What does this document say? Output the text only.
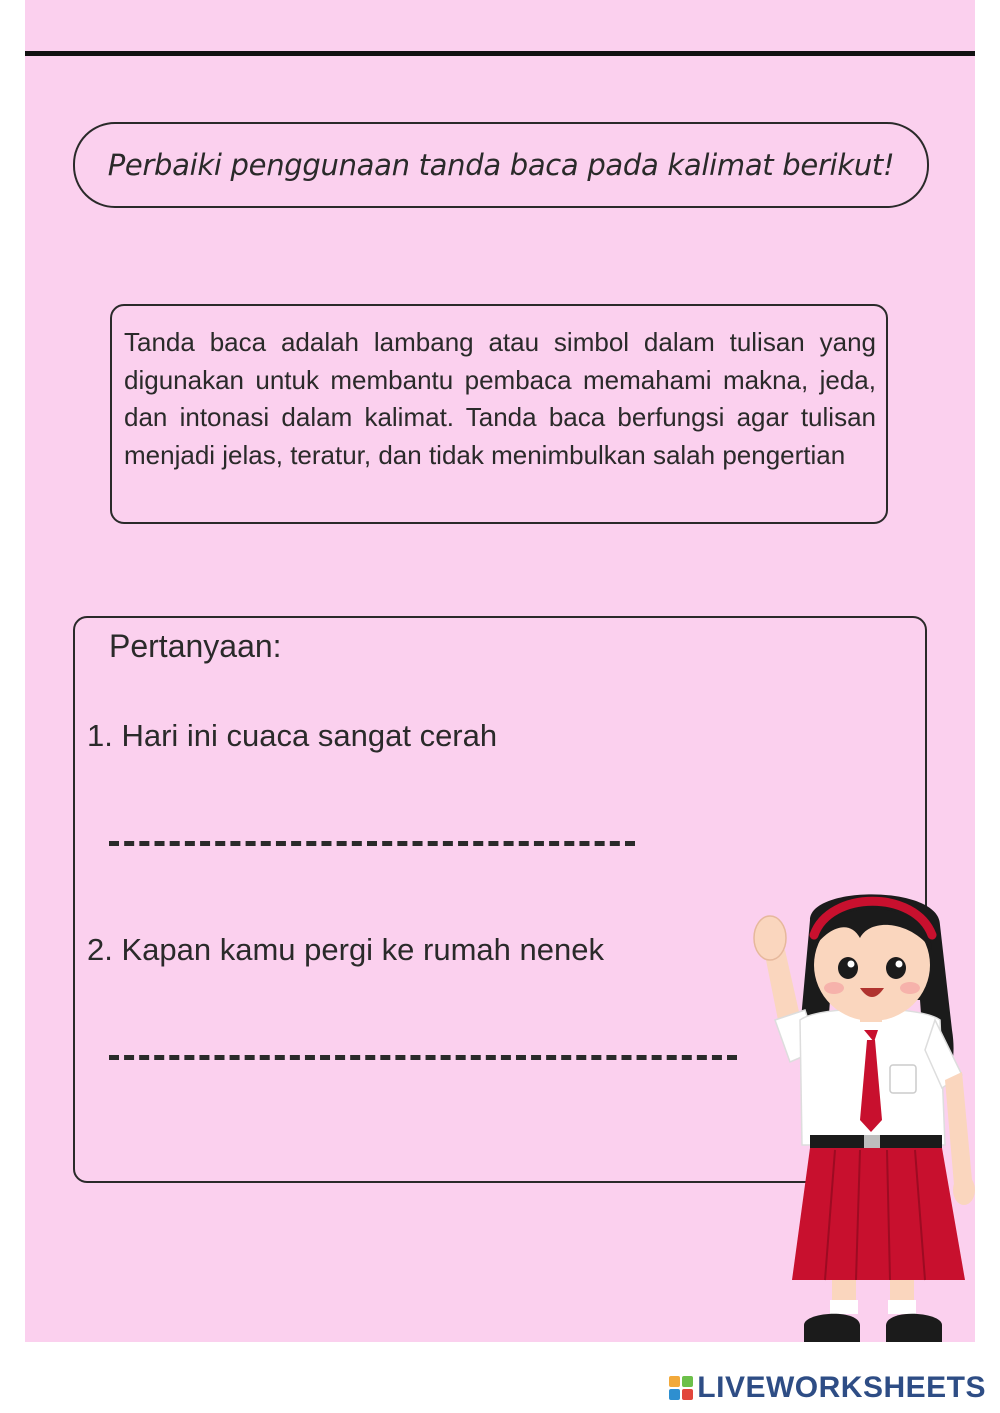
Perbaiki penggunaan tanda baca pada kalimat berikut!
Tanda baca adalah lambang atau simbol dalam tulisan yang digunakan untuk membantu pembaca memahami makna, jeda, dan intonasi dalam kalimat. Tanda baca berfungsi agar tulisan menjadi jelas, teratur, dan tidak menimbulkan salah pengertian
Pertanyaan:
1. Hari ini cuaca sangat cerah
2. Kapan kamu pergi ke rumah nenek
LIVEWORKSHEETS
